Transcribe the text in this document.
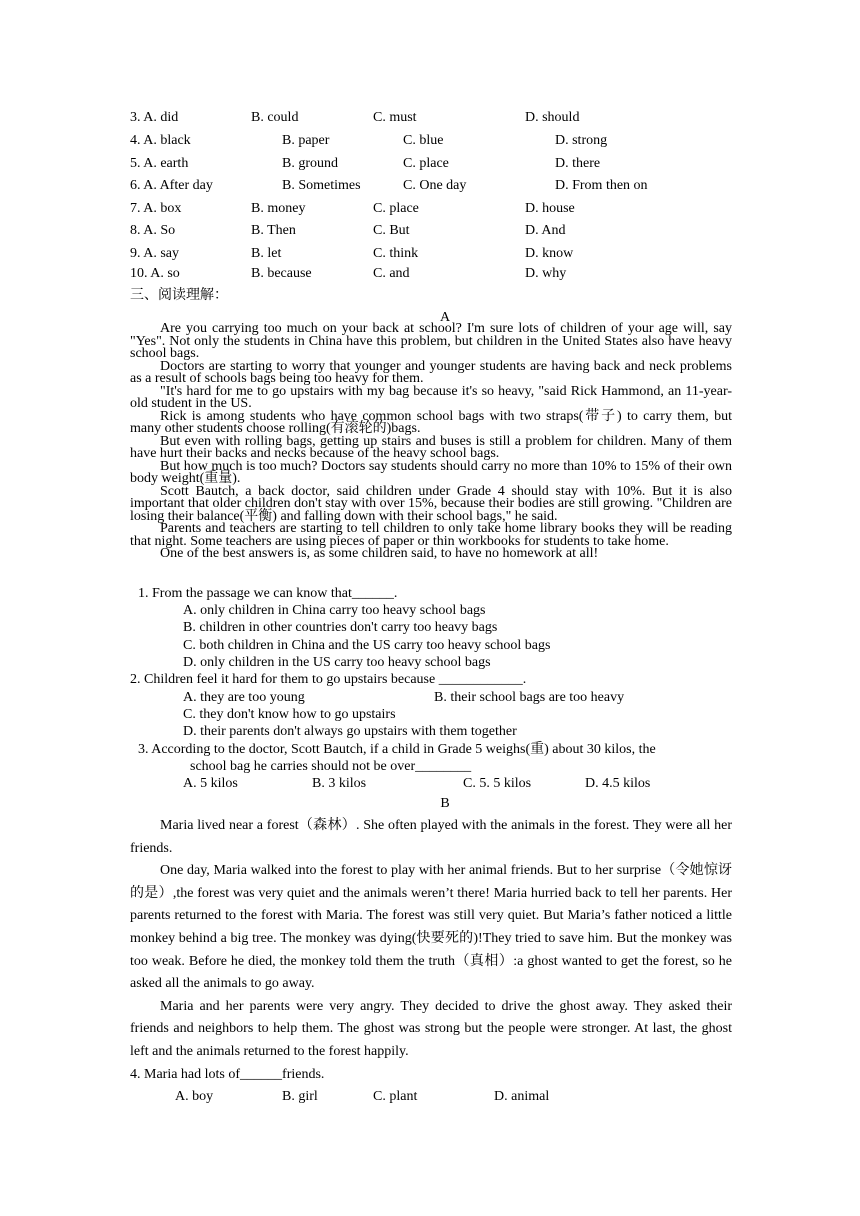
3. A. did	B. could	C. must	D. should
4. A. black	B. paper	C. blue	D. strong
5. A. earth	B. ground	C. place	D. there
6. A. After day	B. Sometimes	C. One day	D. From then on
7. A. box	B. money	C. place	D. house
8. A. So	B. Then	C. But	D. And
9. A. say	B. let	C. think	D. know
10. A. so	B. because	C. and	D. why
三、阅读理解：
A

Are you carrying too much on your back at school? I'm sure lots of children of your age will, say "Yes". Not only the students in China have this problem, but children in the United States also have heavy school bags.

Doctors are starting to worry that younger and younger students are having back and neck problems as a result of schools bags being too heavy for them.

"It's hard for me to go upstairs with my bag because it's so heavy, "said Rick Hammond, an 11-year-old student in the US.

Rick is among students who have common school bags with two straps(带子) to carry them, but many other students choose rolling(有滚轮的)bags.

But even with rolling bags, getting up stairs and buses is still a problem for children. Many of them have hurt their backs and necks because of the heavy school bags.

But how much is too much? Doctors say students should carry no more than 10% to 15% of their own body weight(重量).

Scott Bautch, a back doctor, said children under Grade 4 should stay with 10%. But it is also important that older children don't stay with over 15%, because their bodies are still growing. "Children are losing their balance(平衡) and falling down with their school bags," he said.

Parents and teachers are starting to tell children to only take home library books they will be reading that night. Some teachers are using pieces of paper or thin workbooks for students to take home.

One of the best answers is, as some children said, to have no homework at all!

1. From the passage we can know that______.
A. only children in China carry too heavy school bags
B. children in other countries don't carry too heavy bags
C. both children in China and the US carry too heavy school bags
D. only children in the US carry too heavy school bags
2. Children feel it hard for them to go upstairs because ____________.
A. they are too young	B. their school bags are too heavy
C. they don't know how to go upstairs
D. their parents don't always go upstairs with them together
3. According to the doctor, Scott Bautch, if a child in Grade 5 weighs(重) about 30 kilos, the
school bag he carries should not be over________
A. 5 kilos	B. 3 kilos	C. 5. 5 kilos	D. 4.5 kilos
B

Maria lived near a forest（森林）. She often played with the animals in the forest. They were all her friends.

One day, Maria walked into the forest to play with her animal friends. But to her surprise（令她惊讶的是）,the forest was very quiet and the animals weren’t there! Maria hurried back to tell her parents. Her parents returned to the forest with Maria. The forest was still very quiet. But Maria’s father noticed a little monkey behind a big tree. The monkey was dying(快要死的)!They tried to save him. But the monkey was too weak. Before he died, the monkey told them the truth（真相）:a ghost wanted to get the forest, so he asked all the animals to go away.

Maria and her parents were very angry. They decided to drive the ghost away. They asked their friends and neighbors to help them. The ghost was strong but the people were stronger. At last, the ghost left and the animals returned to the forest happily.

4. Maria had lots of______friends.
A. boy	B. girl	C. plant	D. animal
